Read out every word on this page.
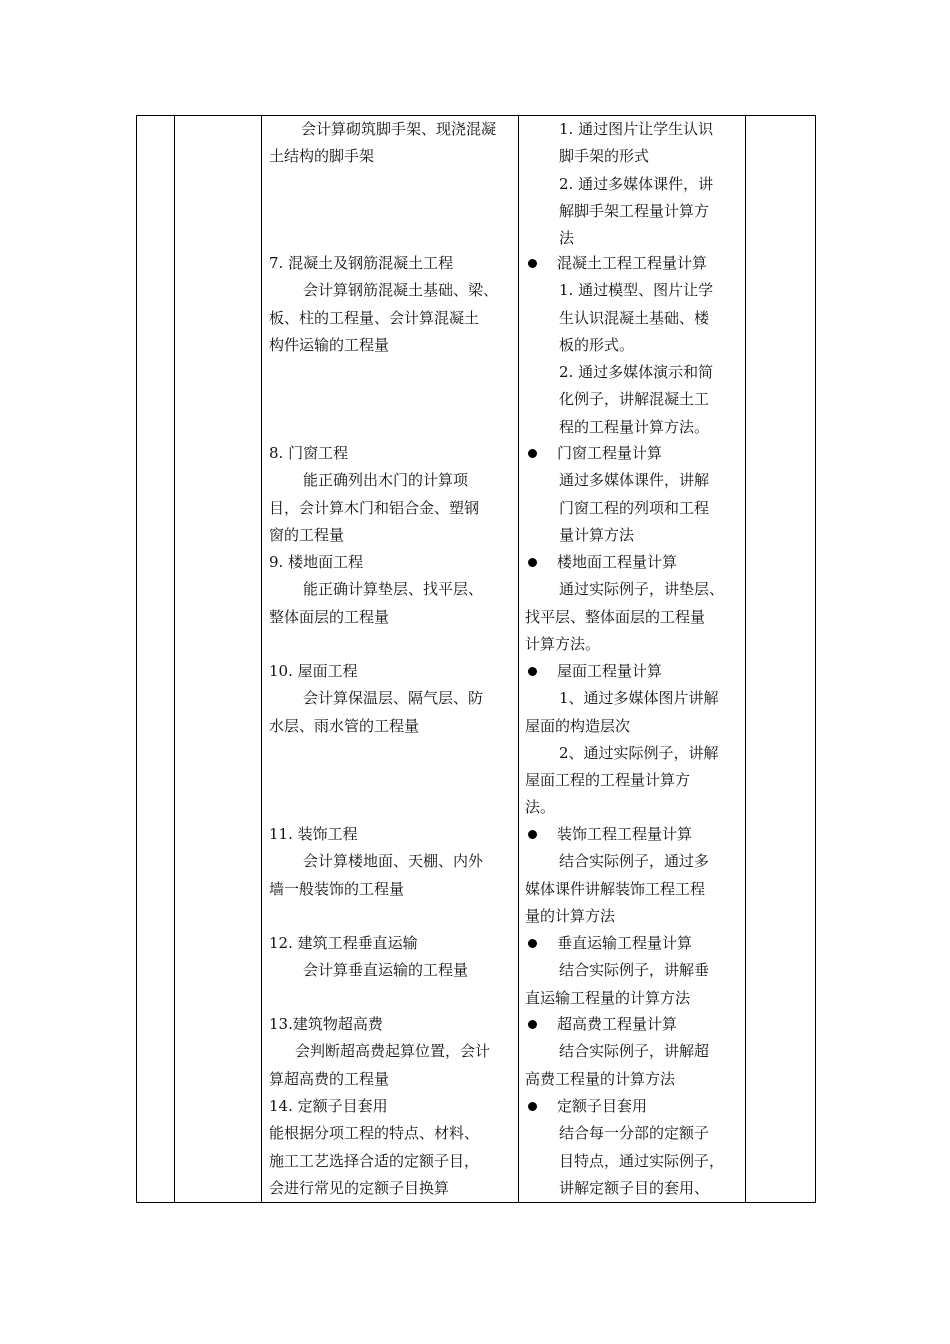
会计算砌筑脚手架、现浇混凝
土结构的脚手架
7. 混凝土及钢筋混凝土工程
会计算钢筋混凝土基础、梁、
板、柱的工程量、会计算混凝土
构件运输的工程量
8. 门窗工程
能正确列出木门的计算项
目，会计算木门和铝合金、塑钢
窗的工程量
9. 楼地面工程
能正确计算垫层、找平层、
整体面层的工程量
10. 屋面工程
会计算保温层、隔气层、防
水层、雨水管的工程量
11. 装饰工程
会计算楼地面、天棚、内外
墙一般装饰的工程量
12. 建筑工程垂直运输
会计算垂直运输的工程量
13.建筑物超高费
会判断超高费起算位置，会计
算超高费的工程量
14. 定额子目套用
能根据分项工程的特点、材料、
施工工艺选择合适的定额子目，
会进行常见的定额子目换算
1. 通过图片让学生认识
脚手架的形式
2. 通过多媒体课件，讲
解脚手架工程量计算方
法
混凝土工程工程量计算
1. 通过模型、图片让学
生认识混凝土基础、楼
板的形式。
2. 通过多媒体演示和简
化例子，讲解混凝土工
程的工程量计算方法。
门窗工程量计算
通过多媒体课件，讲解
门窗工程的列项和工程
量计算方法
楼地面工程量计算
通过实际例子，讲垫层、
找平层、整体面层的工程量
计算方法。
屋面工程量计算
1、通过多媒体图片讲解
屋面的构造层次
2、通过实际例子，讲解
屋面工程的工程量计算方
法。
装饰工程工程量计算
结合实际例子，通过多
媒体课件讲解装饰工程工程
量的计算方法
垂直运输工程量计算
结合实际例子，讲解垂
直运输工程量的计算方法
超高费工程量计算
结合实际例子，讲解超
高费工程量的计算方法
定额子目套用
结合每一分部的定额子
目特点，通过实际例子，
讲解定额子目的套用、
